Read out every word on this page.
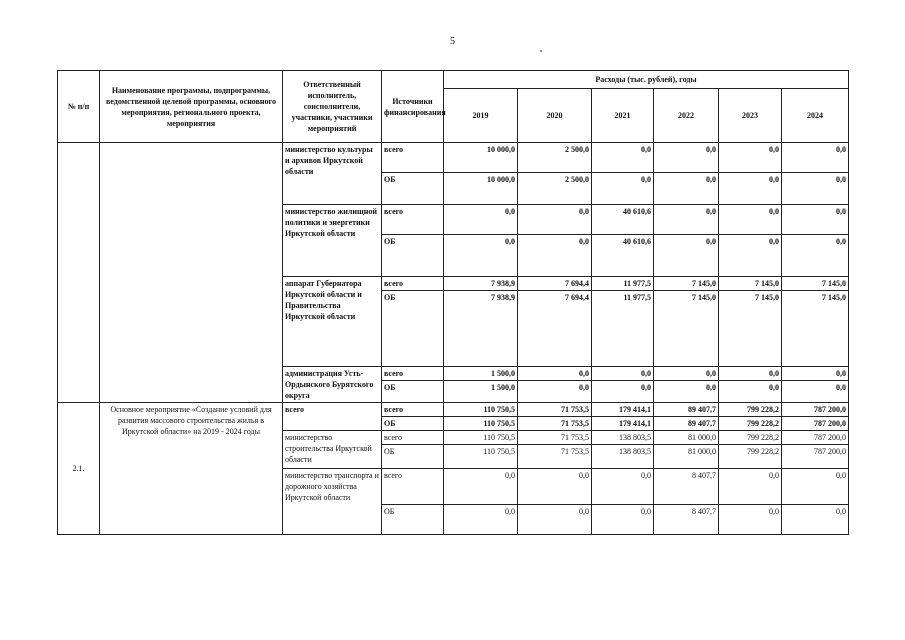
5
№ п/п	Наименование программы, подпрограммы, ведомственной целевой программы, основного мероприятия, регионального проекта, мероприятия	Ответственный исполнитель, соисполнители, участники, участники мероприятий	Источники финансирования	Расходы (тыс. рублей), годы					
				2019	2020	2021	2022	2023	2024
		министерство культуры и архивов Иркутской области	всего	10 000,0	2 500,0	0,0	0,0	0,0	0,0
			ОБ	10 000,0	2 500,0	0,0	0,0	0,0	0,0
		министерство жилищной политики и энергетики Иркутской области	всего	0,0	0,0	40 610,6	0,0	0,0	0,0
			ОБ	0,0	0,0	40 610,6	0,0	0,0	0,0
		аппарат Губернатора Иркутской области и Правительства Иркутской области	всего	7 938,9	7 694,4	11 977,5	7 145,0	7 145,0	7 145,0
			ОБ	7 938,9	7 694,4	11 977,5	7 145,0	7 145,0	7 145,0
		администрация Усть-Ордынского Бурятского округа	всего	1 500,0	0,0	0,0	0,0	0,0	0,0
			ОБ	1 500,0	0,0	0,0	0,0	0,0	0,0
2.1.	Основное мероприятие «Создание условий для развития массового строительства жилья в Иркутской области» на 2019 - 2024 годы	всего	всего	110 750,5	71 753,5	179 414,1	89 407,7	799 228,2	787 200,0
			ОБ	110 750,5	71 753,5	179 414,1	89 407,7	799 228,2	787 200,0
		министерство строительства Иркутской области	всего	110 750,5	71 753,5	138 803,5	81 000,0	799 228,2	787 200,0
			ОБ	110 750,5	71 753,5	138 803,5	81 000,0	799 228,2	787 200,0
		министерство транспорта и дорожного хозяйства Иркутской области	всего	0,0	0,0	0,0	8 407,7	0,0	0,0
			ОБ	0,0	0,0	0,0	8 407,7	0,0	0,0
